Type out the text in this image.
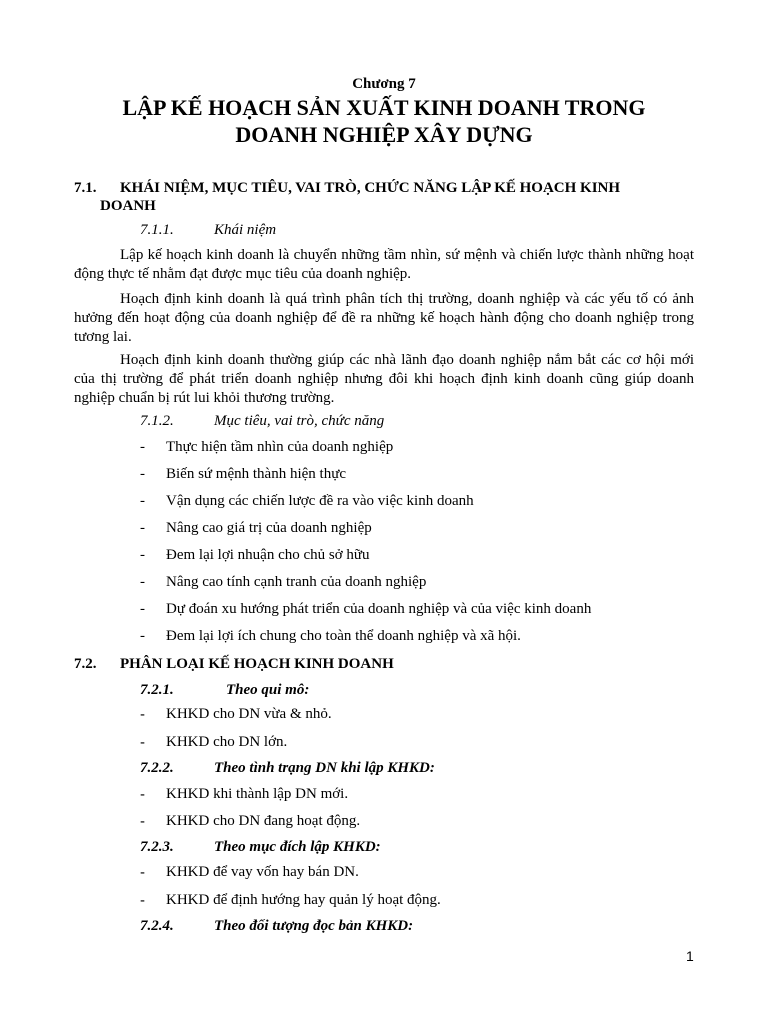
Chương 7
LẬP KẾ HOẠCH SẢN XUẤT KINH DOANH TRONG
DOANH NGHIỆP XÂY DỰNG
7.1. KHÁI NIỆM, MỤC TIÊU, VAI TRÒ, CHỨC NĂNG LẬP KẾ HOẠCH KINH
DOANH
7.1.1.	Khái niệm

Lập kế hoạch kinh doanh là chuyển những tầm nhìn, sứ mệnh và chiến lược thành những hoạt động thực tế nhằm đạt được mục tiêu của doanh nghiệp.

Hoạch định kinh doanh là quá trình phân tích thị trường, doanh nghiệp và các yếu tố có ảnh hưởng đến hoạt động của doanh nghiệp để đề ra những kế hoạch hành động cho doanh nghiệp trong tương lai.

Hoạch định kinh doanh thường giúp các nhà lãnh đạo doanh nghiệp nắm bắt các cơ hội mới của thị trường để phát triển doanh nghiệp nhưng đôi khi hoạch định kinh doanh cũng giúp doanh nghiệp chuẩn bị rút lui khỏi thương trường.

7.1.2.	Mục tiêu, vai trò, chức năng
- Thực hiện tầm nhìn của doanh nghiệp
- Biến sứ mệnh thành hiện thực
- Vận dụng các chiến lược đề ra vào việc kinh doanh
- Nâng cao giá trị của doanh nghiệp
- Đem lại lợi nhuận cho chủ sở hữu
- Nâng cao tính cạnh tranh của doanh nghiệp
- Dự đoán xu hướng phát triển của doanh nghiệp và của việc kinh doanh
- Đem lại lợi ích chung cho toàn thể doanh nghiệp và xã hội.
7.2. PHÂN LOẠI KẾ HOẠCH KINH DOANH
7.2.1.	Theo qui mô:
- KHKD cho DN vừa & nhỏ.
- KHKD cho DN lớn.
7.2.2.	Theo tình trạng DN khi lập KHKD:
- KHKD khi thành lập DN mới.
- KHKD cho DN đang hoạt động.
7.2.3.	Theo mục đích lập KHKD:
- KHKD để vay vốn hay bán DN.
- KHKD để định hướng hay quản lý hoạt động.
7.2.4.	Theo đối tượng đọc bản KHKD:
1
